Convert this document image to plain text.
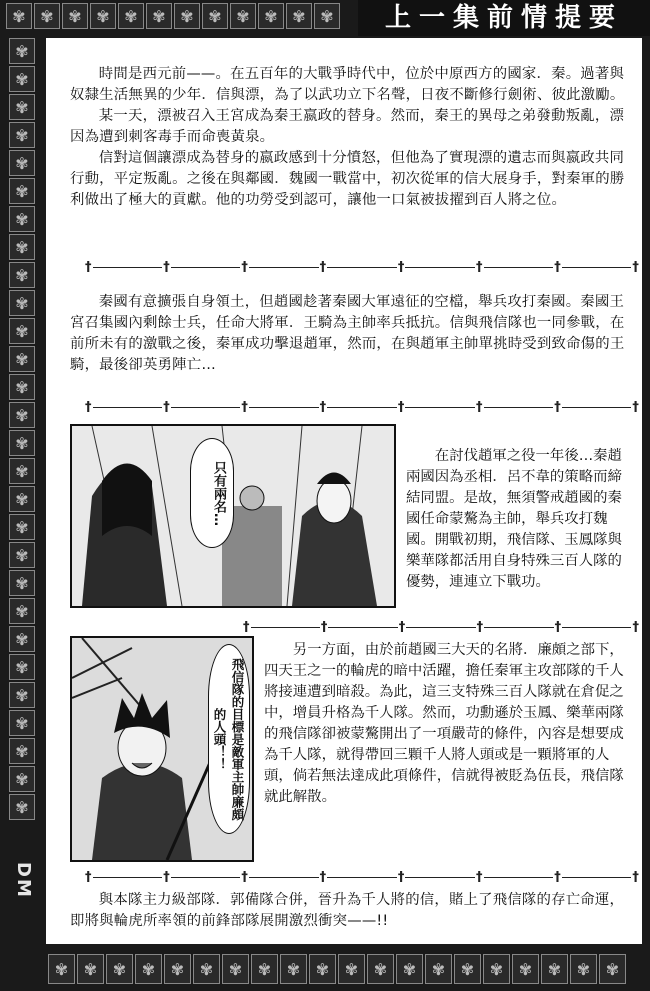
✾ ✾ ✾ ✾ ✾ ✾ ✾ ✾ ✾ ✾ ✾ ✾	上一集前情提要
✾
✾
✾
✾
✾
✾
✾
✾
✾
✾
✾
✾
✾
✾
✾
✾
✾
✾
✾
✾
✾
✾
✾
✾
✾
✾
✾
✾
DM
✾ ✾ ✾ ✾ ✾ ✾ ✾ ✾ ✾ ✾ ✾ ✾ ✾ ✾ ✾ ✾ ✾ ✾ ✾ ✾

時間是西元前——。在五百年的大戰爭時代中，位於中原西方的國家．秦。過著與奴隸生活無異的少年．信與漂，為了以武功立下名聲，日夜不斷修行劍術、彼此激勵。

某一天，漂被召入王宮成為秦王嬴政的替身。然而，秦王的異母之弟發動叛亂，漂因為遭到刺客毒手而命喪黃泉。

信對這個讓漂成為替身的嬴政感到十分憤怒，但他為了實現漂的遺志而與嬴政共同行動，平定叛亂。之後在與鄰國．魏國一戰當中，初次從軍的信大展身手，對秦軍的勝利做出了極大的貢獻。他的功勞受到認可，讓他一口氣被拔擢到百人將之位。

†	†	†	†	†	†	†	†

秦國有意擴張自身領土，但趙國趁著秦國大軍遠征的空檔，舉兵攻打秦國。秦國王宮召集國內剩餘士兵，任命大將軍．王騎為主帥率兵抵抗。信與飛信隊也一同參戰，在前所未有的激戰之後，秦軍成功擊退趙軍，然而，在與趙軍主帥單挑時受到致命傷的王騎，最後卻英勇陣亡…

†	†	†	†	†	†	†	†
只有兩名…

在討伐趙軍之役一年後…秦趙兩國因為丞相．呂不韋的策略而締結同盟。是故，無須警戒趙國的秦國任命蒙驁為主帥，舉兵攻打魏國。開戰初期，飛信隊、玉鳳隊與樂華隊都活用自身特殊三百人隊的優勢，連連立下戰功。

†	†	†	†	†	†
飛信隊的目標是敵軍主帥廉頗的人頭！！

另一方面，由於前趙國三大天的名將．廉頗之部下，四天王之一的輪虎的暗中活躍，擔任秦軍主攻部隊的千人將接連遭到暗殺。為此，這三支特殊三百人隊就在倉促之中，增員升格為千人隊。然而，功勳遜於玉鳳、樂華兩隊的飛信隊卻被蒙驁開出了一項嚴苛的條件，內容是想要成為千人隊，就得帶回三顆千人將人頭或是一顆將軍的人頭，倘若無法達成此項條件，信就得被貶為伍長，飛信隊就此解散。

†	†	†	†	†	†	†	†

與本隊主力級部隊．郭備隊合併，晉升為千人將的信，賭上了飛信隊的存亡命運，即將與輪虎所率領的前鋒部隊展開激烈衝突——!!
